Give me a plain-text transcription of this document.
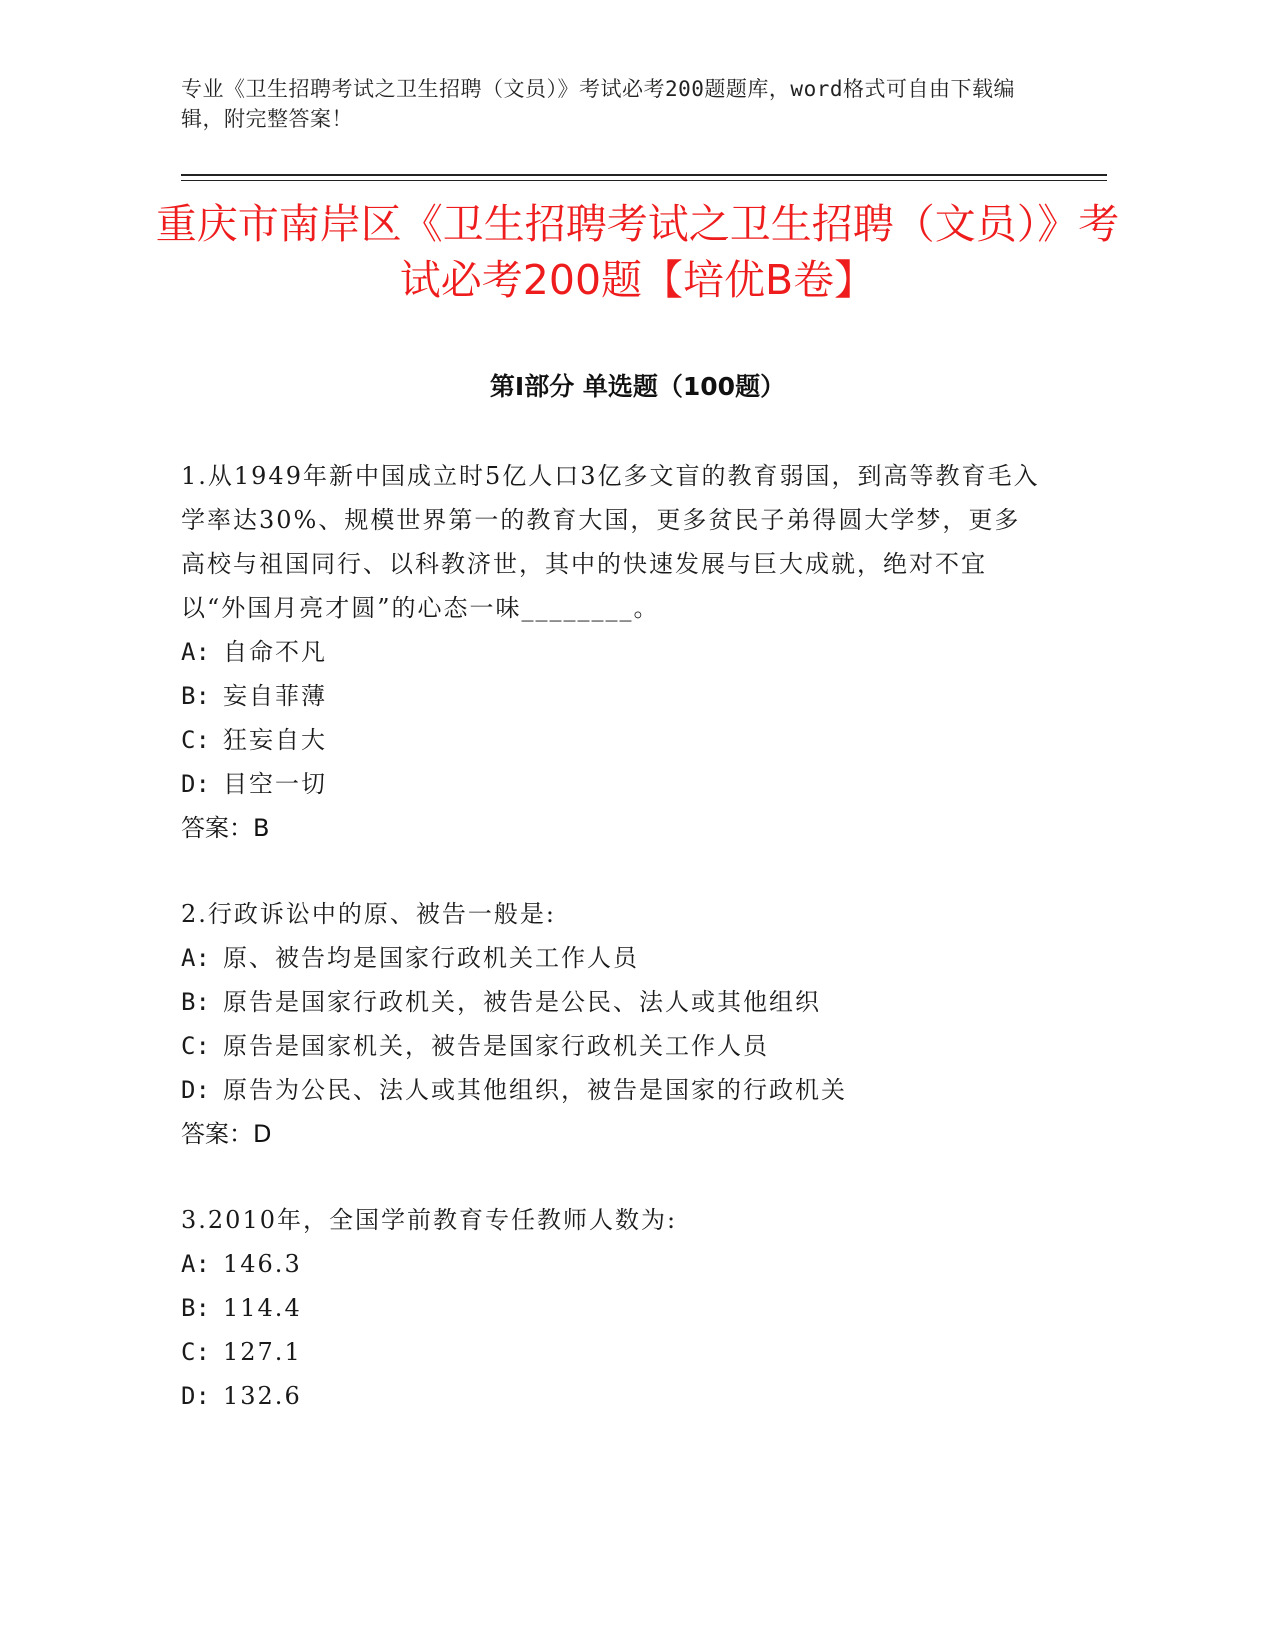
专业《卫生招聘考试之卫生招聘（文员）》考试必考200题题库，word格式可自由下载编辑，附完整答案！
重庆市南岸区《卫生招聘考试之卫生招聘（文员）》考试必考200题【培优B卷】
第Ⅰ部分 单选题（100题）

1.从1949年新中国成立时5亿人口3亿多文盲的教育弱国，到高等教育毛入学率达30%、规模世界第一的教育大国，更多贫民子弟得圆大学梦，更多高校与祖国同行、以科教济世，其中的快速发展与巨大成就，绝对不宜以“外国月亮才圆”的心态一味________。

A: 自命不凡
B: 妄自菲薄
C: 狂妄自大
D: 目空一切

答案：B

2.行政诉讼中的原、被告一般是:

A: 原、被告均是国家行政机关工作人员
B: 原告是国家行政机关，被告是公民、法人或其他组织
C: 原告是国家机关，被告是国家行政机关工作人员
D: 原告为公民、法人或其他组织，被告是国家的行政机关

答案：D

3.2010年，全国学前教育专任教师人数为:

A: 146.3
B: 114.4
C: 127.1
D: 132.6
